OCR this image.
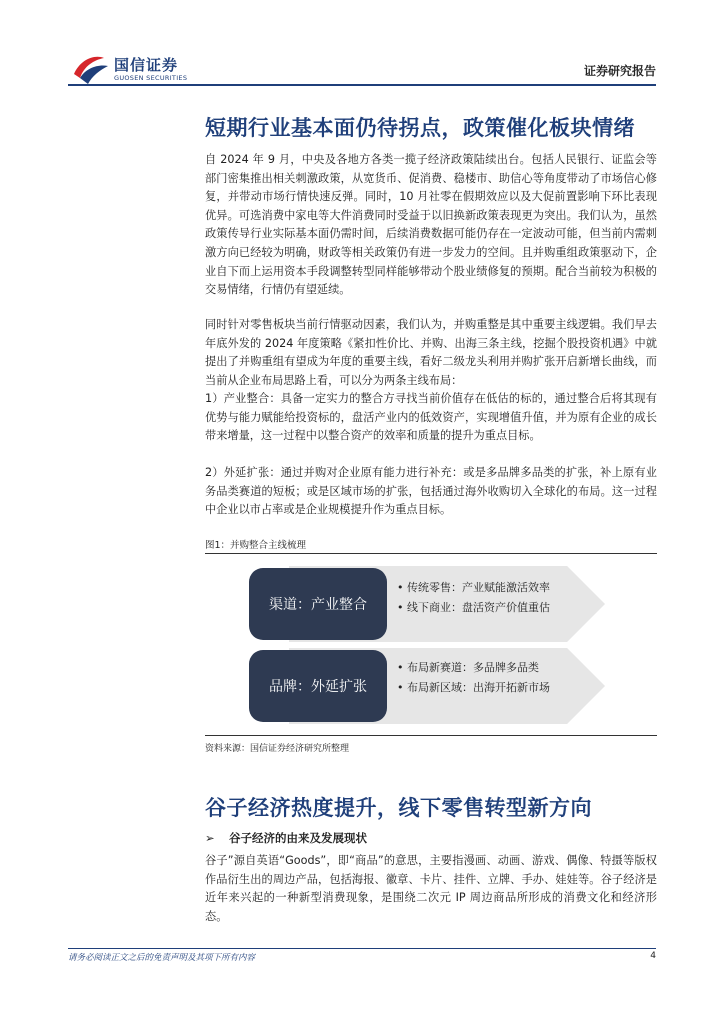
国信证券
GUOSEN SECURITIES	证券研究报告
短期行业基本面仍待拐点，政策催化板块情绪
自 2024 年 9 月，中央及各地方各类一揽子经济政策陆续出台。包括人民银行、证监会等部门密集推出相关刺激政策，从宽货币、促消费、稳楼市、助信心等角度带动了市场信心修复，并带动市场行情快速反弹。同时，10 月社零在假期效应以及大促前置影响下环比表现优异。可选消费中家电等大件消费同时受益于以旧换新政策表现更为突出。我们认为，虽然政策传导行业实际基本面仍需时间，后续消费数据可能仍存在一定波动可能，但当前内需刺激方向已经较为明确，财政等相关政策仍有进一步发力的空间。且并购重组政策驱动下，企业自下而上运用资本手段调整转型同样能够带动个股业绩修复的预期。配合当前较为积极的交易情绪，行情仍有望延续。
同时针对零售板块当前行情驱动因素，我们认为，并购重整是其中重要主线逻辑。我们早去年底外发的 2024 年度策略《紧扣性价比、并购、出海三条主线，挖掘个股投资机遇》中就提出了并购重组有望成为年度的重要主线，看好二级龙头利用并购扩张开启新增长曲线，而当前从企业布局思路上看，可以分为两条主线布局：
1）产业整合：具备一定实力的整合方寻找当前价值存在低估的标的，通过整合后将其现有优势与能力赋能给投资标的，盘活产业内的低效资产，实现增值升值，并为原有企业的成长带来增量，这一过程中以整合资产的效率和质量的提升为重点目标。
2）外延扩张：通过并购对企业原有能力进行补充：或是多品牌多品类的扩张，补上原有业务品类赛道的短板；或是区域市场的扩张，包括通过海外收购切入全球化的布局。这一过程中企业以市占率或是企业规模提升作为重点目标。
图1：并购整合主线梳理
渠道：产业整合
• 传统零售：产业赋能激活效率
• 线下商业：盘活资产价值重估
品牌：外延扩张
• 布局新赛道：多品牌多品类
• 布局新区域：出海开拓新市场
资料来源：国信证券经济研究所整理
谷子经济热度提升，线下零售转型新方向
➢ 谷子经济的由来及发展现状
谷子”源自英语“Goods”，即“商品”的意思，主要指漫画、动画、游戏、偶像、特摄等版权作品衍生出的周边产品，包括海报、徽章、卡片、挂件、立牌、手办、娃娃等。谷子经济是近年来兴起的一种新型消费现象，是围绕二次元 IP 周边商品所形成的消费文化和经济形态。
请务必阅读正文之后的免责声明及其项下所有内容	4
